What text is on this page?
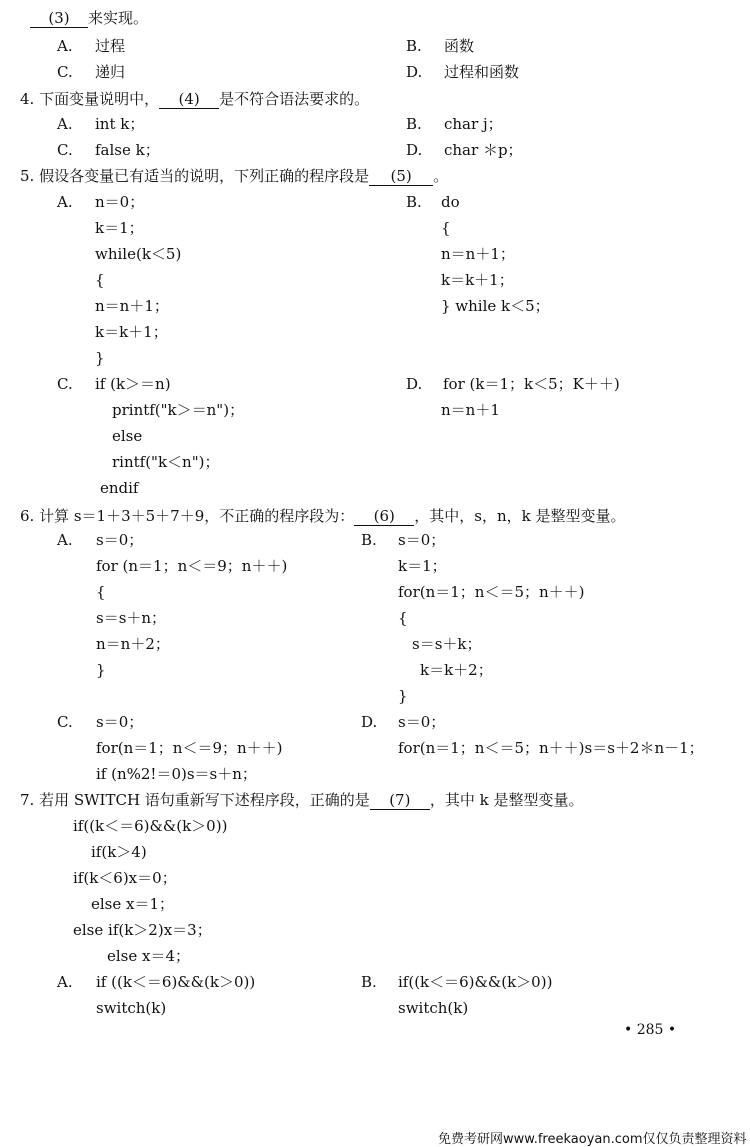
(3) 来实现。
A. 过程	B. 函数
C. 递归	D. 过程和函数
4. 下面变量说明中， (4) 是不符合语法要求的。
A. int k；	B. char j；
C. false k；	D. char ＊p；
5. 假设各变量已有适当的说明，下列正确的程序段是 (5) 。
A. n＝0；
k＝1；
while(k＜5)
{
n＝n＋1；
k＝k＋1；
}
B. do
{
n＝n＋1；
k＝k＋1；
} while k＜5；
C. if (k＞＝n)
printf("k＞＝n")；
else
rintf("k＜n")；
endif
D. for (k＝1；k＜5；K＋＋)
n＝n＋1
6. 计算 s＝1＋3＋5＋7＋9，不正确的程序段为： (6) ，其中，s，n，k 是整型变量。
A. s＝0；
for (n＝1；n＜＝9；n＋＋)
{
s＝s＋n；
n＝n＋2；
}
B. s＝0；
k＝1；
for(n＝1；n＜＝5；n＋＋)
{
s＝s＋k；
k＝k＋2；
}
C. s＝0；
for(n＝1；n＜＝9；n＋＋)
if (n%2!＝0)s＝s＋n；
D. s＝0；
for(n＝1；n＜＝5；n＋＋)s＝s＋2＊n－1；
7. 若用 SWITCH 语句重新写下述程序段，正确的是 (7) ，其中 k 是整型变量。
if((k＜＝6)&&(k＞0))
if(k＞4)
if(k＜6)x＝0；
else x＝1；
else if(k＞2)x＝3；
else x＝4；
A. if ((k＜＝6)&&(k＞0))
switch(k)
B. if((k＜＝6)&&(k＞0))
switch(k)
• 285 •
免费考研网www.freekaoyan.com仅仅负责整理资料
